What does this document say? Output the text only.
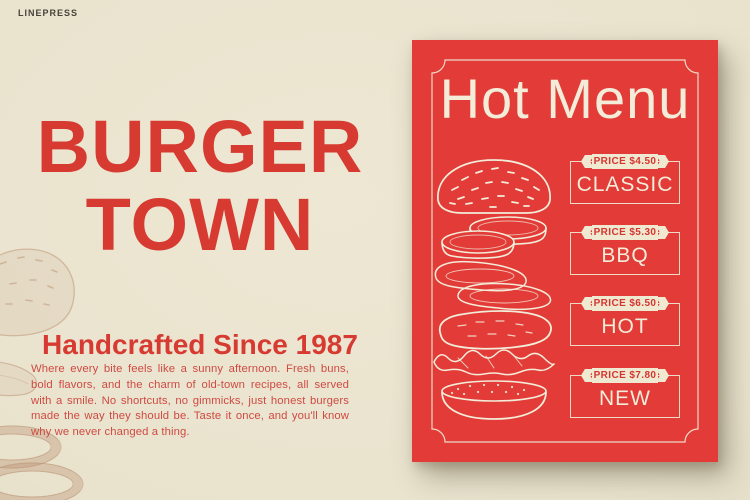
LINEPRESS
BURGER
TOWN
Handcrafted Since 1987
Where every bite feels like a sunny afternoon. Fresh buns, bold flavors, and the charm of old-town recipes, all served with a smile. No shortcuts, no gimmicks, just honest burgers made the way they should be. Taste it once, and you'll know why we never changed a thing.
Hot Menu
PRICE $4.50
CLASSIC
PRICE $5.30
BBQ
PRICE $6.50
HOT
PRICE $7.80
NEW
